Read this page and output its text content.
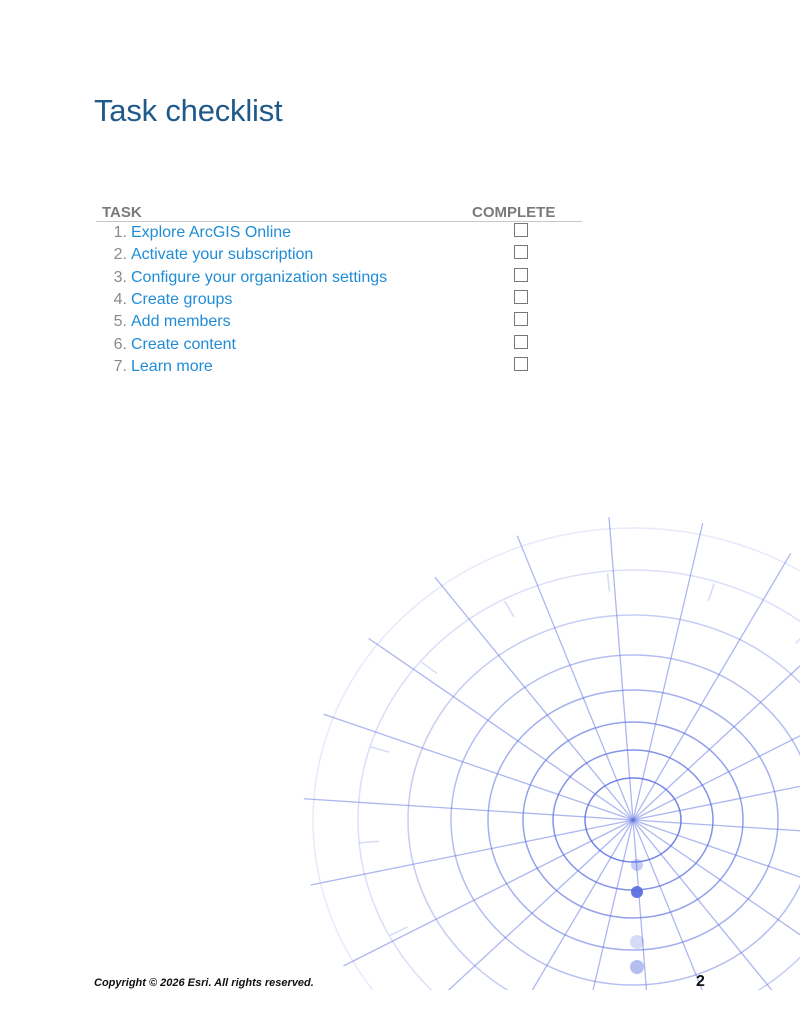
Task checklist
TASK	COMPLETE
1. Explore ArcGIS Online
2. Activate your subscription
3. Configure your organization settings
4. Create groups
5. Add members
6. Create content
7. Learn more
Copyright © 2026 Esri. All rights reserved.	2
